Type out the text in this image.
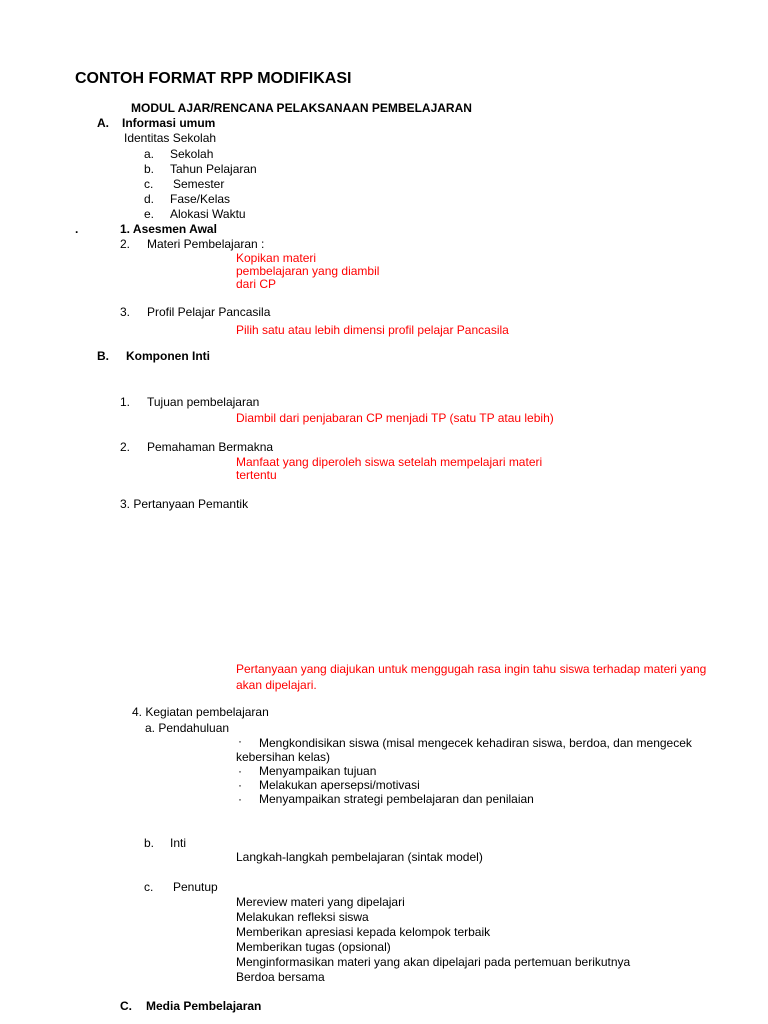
CONTOH FORMAT RPP MODIFIKASI
MODUL AJAR/RENCANA PELAKSANAAN PEMBELAJARAN
A. Informasi umum
Identitas Sekolah
a. Sekolah
b. Tahun Pelajaran
c. Semester
d. Fase/Kelas
e. Alokasi Waktu
.	1. Asesmen Awal
2. Materi Pembelajaran :
Kopikan materi
pembelajaran yang diambil
dari CP
3. Profil Pelajar Pancasila
Pilih satu atau lebih dimensi profil pelajar Pancasila
B. Komponen Inti
1. Tujuan pembelajaran
Diambil dari penjabaran CP menjadi TP (satu TP atau lebih)
2. Pemahaman Bermakna
Manfaat yang diperoleh siswa setelah mempelajari materi
tertentu
3. Pertanyaan Pemantik
Pertanyaan yang diajukan untuk menggugah rasa ingin tahu siswa terhadap materi yang
akan dipelajari.
4. Kegiatan pembelajaran
a. Pendahuluan
· Mengkondisikan siswa (misal mengecek kehadiran siswa, berdoa, dan mengecek
kebersihan kelas)
· Menyampaikan tujuan
· Melakukan apersepsi/motivasi
· Menyampaikan strategi pembelajaran dan penilaian
b. Inti
Langkah-langkah pembelajaran (sintak model)
c. Penutup
Mereview materi yang dipelajari
Melakukan refleksi siswa
Memberikan apresiasi kepada kelompok terbaik
Memberikan tugas (opsional)
Menginformasikan materi yang akan dipelajari pada pertemuan berikutnya
Berdoa bersama
C. Media Pembelajaran
